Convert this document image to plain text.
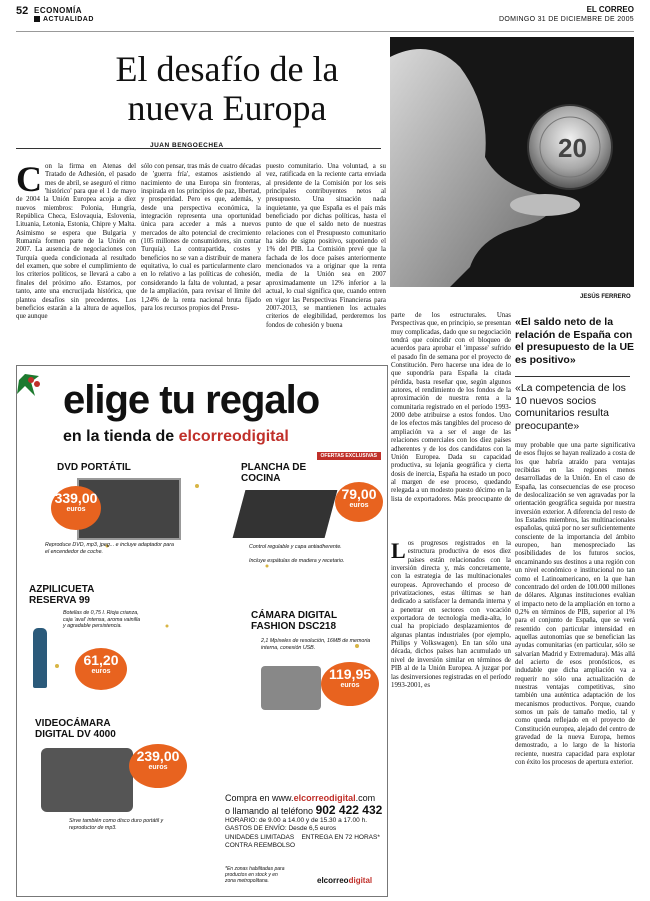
52 ECONOMÍA
ACTUALIDAD
EL CORREO
DOMINGO 31 DE DICIEMBRE DE 2005
El desafío de la nueva Europa
JUAN BENGOECHEA
Con la firma en Atenas del Tratado de Adhesión, el pasado mes de abril, se aseguró el ritmo 'histórico' para que el 1 de mayo de 2004 la Unión Europea acoja a diez nuevos miembros: Polonia, Hungría, República Checa, Eslovaquia, Eslovenia, Lituania, Letonia, Estonia, Chipre y Malta. Asimismo se espera que Bulgaria y Rumanía formen parte de la Unión en 2007. La ausencia de negociaciones con Turquía queda condicionada al resultado del examen, que sobre el cumplimiento de los criterios políticos, se llevará a cabo a finales del próximo año. Estamos, por tanto, ante una encrucijada histórica, que plantea desafíos sin precedentes. Los beneficios estarán a la altura de aquellos, que aunque
sólo con pensar, tras más de cuatro décadas de 'guerra fría', estamos asistiendo al nacimiento de una Europa sin fronteras, inspirada en los principios de paz, libertad, y prosperidad. Pero es que, además, y desde una perspectiva económica, la integración representa una oportunidad única para acceder a más a nuevos mercados de alto potencial de crecimiento (105 millones de consumidores, sin contar Turquía). La contrapartida, costes y beneficios no se van a distribuir de manera equitativa, lo cual es particularmente claro en lo relativo a las políticas de cohesión, considerando la falta de voluntad, a pesar de la ampliación, para revisar el límite del 1,24% de la renta nacional bruta fijado para los recursos propios del Presu-
puesto comunitario. Una voluntad, a su vez, ratificada en la reciente carta enviada al presidente de la Comisión por los seis principales contribuyentes netos al presupuesto. Una situación nada inquietante, ya que España es el país más beneficiado por dichas políticas, hasta el punto de que el saldo neto de nuestras relaciones con el Presupuesto comunitario ha sido de signo positivo, suponiendo el 1% del PIB. La Comisión prevé que la fachada de los doce países anteriormente mencionados va a originar que la renta media de la Unión sea en 2007 aproximadamente un 12% inferior a la actual, lo cual significa que, cuando entren en vigor las Perspectivas Financieras para 2007-2013, se mantienen los actuales criterios de elegibilidad, perderemos los fondos de cohesión y buena
20
JESÚS FERRERO
parte de los estructurales. Unas Perspectivas que, en principio, se presentan muy complicadas, dado que su negociación tendrá que coincidir con el bloqueo de acuerdos para aprobar el 'impasse' sufrido el pasado fin de semana por el proyecto de Constitución. Pero hacerse una idea de lo que supondría para España la citada pérdida, basta reseñar que, según algunos autores, el rendimiento de los fondos de la aproximación de nuestra renta a la comunitaria registrado en el período 1993-2000 debe atribuirse a estos fondos. Uno de los efectos más tangibles del proceso de ampliación va a ser el auge de las relaciones comerciales con los diez países adherentes y de los dos candidatos con la Unión Europea. Dada su capacidad productiva, su lejanía geográfica y cierta dosis de inercia, España ha estado un poco al margen de ese proceso, quedando relegada a un modesto puesto décimo en la lista de exportadores. Más preocupante de
Los progresos registrados en la estructura productiva de esos diez países están relacionados con la inversión directa y, más concretamente, con la estrategia de las multinacionales europeas. Aprovechando el proceso de privatizaciones, estas últimas se han dedicado a satisfacer la demanda interna y a penetrar en sectores con vocación exportadora de tecnología media-alta, lo cual ha propiciado desplazamientos de algunas plantas industriales (por ejemplo, Philips y Volkswagen). En tan sólo una década, dichos países han acumulado un nivel de inversión similar en términos de PIB al de la Unión Europea. A juzgar por las desinversiones registradas en el período 1993-2001, es
«El saldo neto de la relación de España con el presupuesto de la UE es positivo»
«La competencia de los 10 nuevos socios comunitarios resulta preocupante»
muy probable que una parte significativa de esos flujos se hayan realizado a costa de los que habría atraído para ventajas recibidas en las regiones menos desarrolladas de la Unión. En el caso de España, las consecuencias de ese proceso de deslocalización se ven agravadas por la orientación geográfica seguida por nuestra inversión exterior. A diferencia del resto de los Estados miembros, las multinacionales españolas, quizá por no ser suficientemente consciente de la importancia del ámbito europeo, han menospreciado las posibilidades de los futuros socios, encaminando sus destinos a una región con un nivel económico e institucional no tan como el Latinoamericano, en la que han concentrado del orden de 100.000 millones de dólares. Algunas instituciones evalúan el impacto neto de la ampliación en torno a 0,2% en términos de PIB, superior al 1% para el conjunto de España, que se verá resentido con particular intensidad en aquellas autonomías que se benefician las ayudas comunitarias (en particular, sólo se salvarían Madrid y Extremadura). Más allá del acierto de esos pronósticos, es indudable que dicha ampliación va a requerir no sólo una actualización de nuestras ventajas competitivas, sino también una auténtica adaptación de los mecanismos productivos. Porque, cuando somos un país de tamaño medio, tal y como queda reflejado en el proyecto de Constitución europea, alejado del centro de gravedad de la nueva Europa, hemos demostrado, a lo largo de la historia reciente, nuestra capacidad para explotar con éxito los procesos de apertura exterior.
elige tu regalo
en la tienda de elcorreodigital
OFERTAS EXCLUSIVAS
DVD PORTÁTIL
339,00
euros
Reproduce DVD, mp3, jpeg... e incluye adaptador para el encendedor de coche.
PLANCHA DE COCINA
79,00
euros
Control regulable y capa antiadherente.
Incluye espátulas de madera y recetario.
AZPILICUETA RESERVA 99
Botellas de 0,75 l. Rioja crianza, caja 'aval' intensa, aroma vainilla y agradable persistencia.
61,20
euros
CÁMARA DIGITAL FASHION DSC218
2,1 Mpíxeles de resolución, 16MB de memoria interna, conexión USB.
119,95
euros
VIDEOCÁMARA DIGITAL DV 4000
239,00
euros
Sirve también como disco duro portátil y reproductor de mp3.
Compra en www.elcorreodigital.com
o llamando al teléfono 902 422 432
HORARIO: de 9.00 a 14.00 y de 15.30 a 17.00 h.
GASTOS DE ENVÍO: Desde 6,5 euros
UNIDADES LIMITADAS ENTREGA EN 72 HORAS*
CONTRA REEMBOLSO
*En zonas habilitadas para productos en stock y en zona metropolitana.	elcorreodigital
